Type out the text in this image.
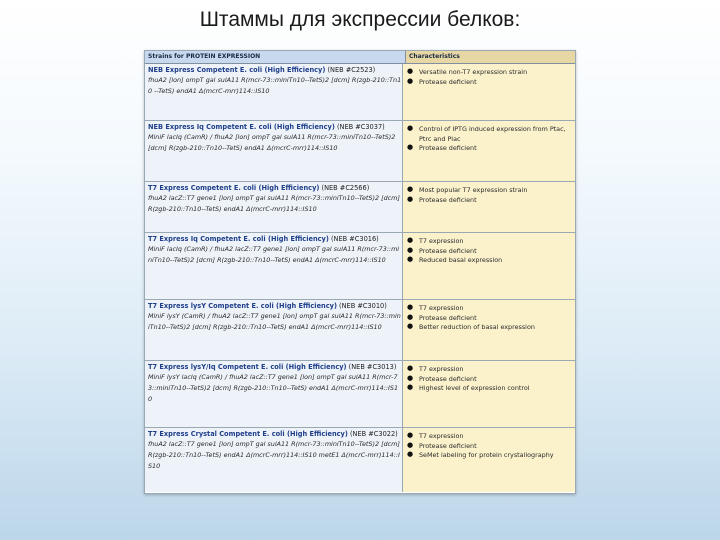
Штаммы для экспрессии белков:
Strains for PROTEIN EXPRESSION	Characteristics
NEB Express Competent E. coli (High Efficiency) (NEB #C2523)
fhuA2 [lon] ompT gal sulA11 R(mcr-73::miniTn10--TetS)2 [dcm] R(zgb-210::Tn10 --TetS) endA1 Δ(mcrC-mrr)114::IS10
● Versatile non-T7 expression strain
● Protease deficient
NEB Express Iq Competent E. coli (High Efficiency) (NEB #C3037)
MiniF lacIq (CamR) / fhuA2 [lon] ompT gal sulA11 R(mcr-73::miniTn10--TetS)2 [dcm] R(zgb-210::Tn10--TetS) endA1 Δ(mcrC-mrr)114::IS10
● Control of IPTG induced expression from Ptac, Ptrc and Plac
● Protease deficient
T7 Express Competent E. coli (High Efficiency) (NEB #C2566)
fhuA2 lacZ::T7 gene1 [lon] ompT gal sulA11 R(mcr-73::miniTn10--TetS)2 [dcm] R(zgb-210::Tn10--TetS) endA1 Δ(mcrC-mrr)114::IS10
● Most popular T7 expression strain
● Protease deficient
T7 Express Iq Competent E. coli (High Efficiency) (NEB #C3016)
MiniF lacIq (CamR) / fhuA2 lacZ::T7 gene1 [lon] ompT gal sulA11 R(mcr-73::miniTn10--TetS)2 [dcm] R(zgb-210::Tn10--TetS) endA1 Δ(mcrC-mrr)114::IS10
● T7 expression
● Protease deficient
● Reduced basal expression
T7 Express lysY Competent E. coli (High Efficiency) (NEB #C3010)
MiniF lysY (CamR) / fhuA2 lacZ::T7 gene1 [lon] ompT gal sulA11 R(mcr-73::miniTn10--TetS)2 [dcm] R(zgb-210::Tn10--TetS) endA1 Δ(mcrC-mrr)114::IS10
● T7 expression
● Protease deficient
● Better reduction of basal expression
T7 Express lysY/Iq Competent E. coli (High Efficiency) (NEB #C3013)
MiniF lysY lacIq (CamR) / fhuA2 lacZ::T7 gene1 [lon] ompT gal sulA11 R(mcr-73::miniTn10--TetS)2 [dcm] R(zgb-210::Tn10--TetS) endA1 Δ(mcrC-mrr)114::IS10
● T7 expression
● Protease deficient
● Highest level of expression control
T7 Express Crystal Competent E. coli (High Efficiency) (NEB #C3022)
fhuA2 lacZ::T7 gene1 [lon] ompT gal sulA11 R(mcr-73::miniTn10--TetS)2 [dcm] R(zgb-210::Tn10--TetS) endA1 Δ(mcrC-mrr)114::IS10 metE1 Δ(mcrC-mrr)114::IS10
● T7 expression
● Protease deficient
● SeMet labeling for protein crystallography
